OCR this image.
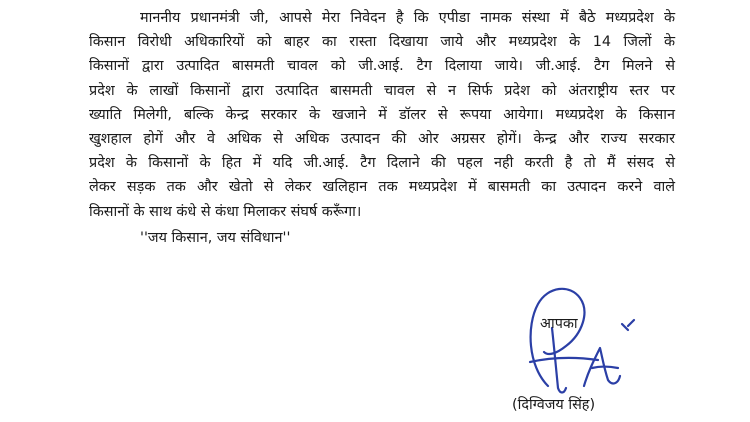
माननीय प्रधानमंत्री जी, आपसे मेरा निवेदन है कि एपीडा नामक संस्था में बैठे मध्यप्रदेश के
किसान विरोधी अधिकारियों को बाहर का रास्ता दिखाया जाये और मध्यप्रदेश के 14 जिलों के
किसानों द्वारा उत्पादित बासमती चावल को जी.आई. टैग दिलाया जाये। जी.आई. टैग मिलने से
प्रदेश के लाखों किसानों द्वारा उत्पादित बासमती चावल से न सिर्फ प्रदेश को अंतराष्ट्रीय स्तर पर
ख्याति मिलेगी, बल्कि केन्द्र सरकार के खजाने में डॉलर से रूपया आयेगा। मध्यप्रदेश के किसान
खुशहाल होगें और वे अधिक से अधिक उत्पादन की ओर अग्रसर होगें। केन्द्र और राज्य सरकार
प्रदेश के किसानों के हित में यदि जी.आई. टैग दिलाने की पहल नही करती है तो मैं संसद से
लेकर सड़क तक और खेतो से लेकर खलिहान तक मध्यप्रदेश में बासमती का उत्पादन करने वाले
किसानों के साथ कंधे से कंधा मिलाकर संघर्ष करूँगा।

''जय किसान, जय संविधान''

आपका

(दिग्विजय सिंह)
